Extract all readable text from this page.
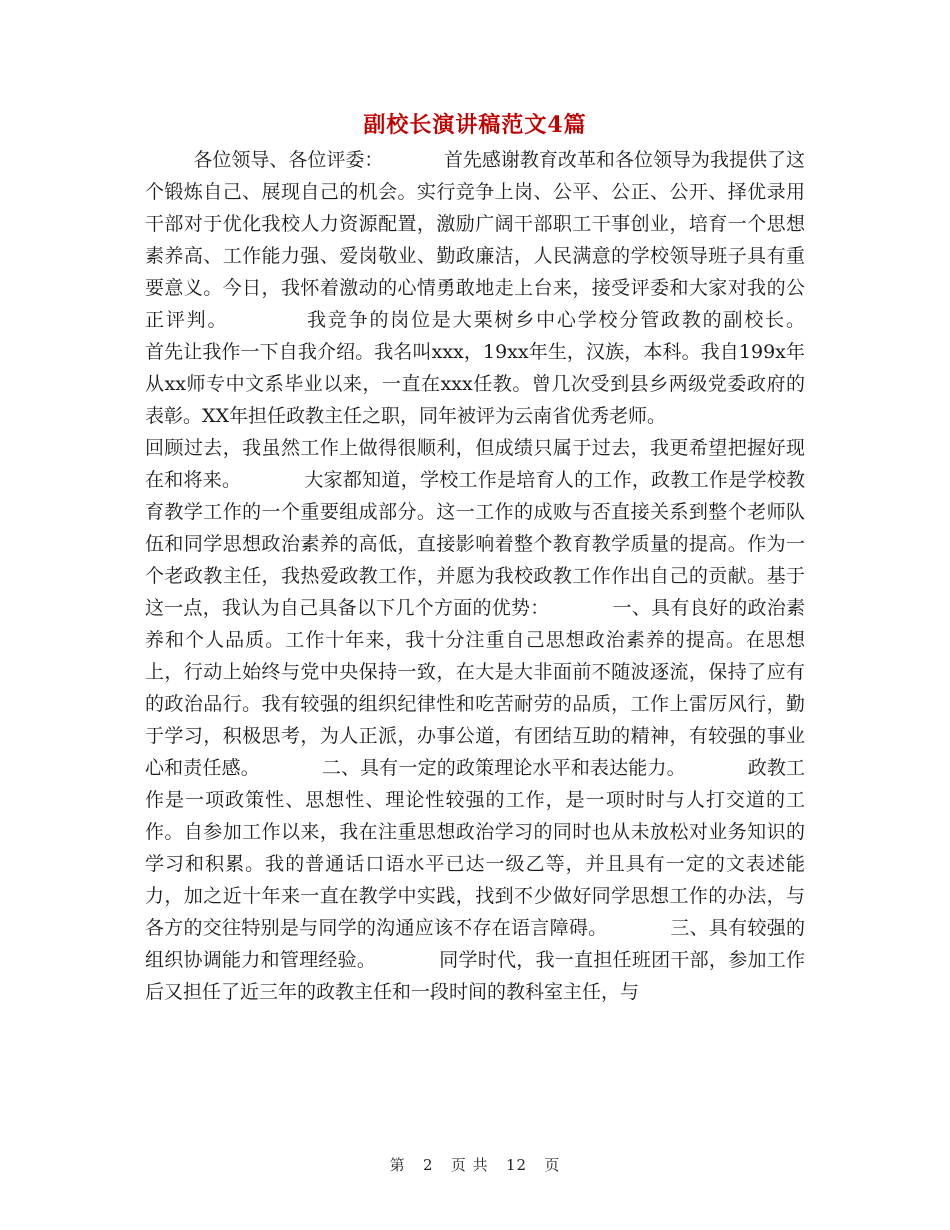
副校长演讲稿范文4篇

各位领导、各位评委：          首先感谢教育改革和各位领导为我提供了这个锻炼自己、展现自己的机会。实行竞争上岗、公平、公正、公开、择优录用干部对于优化我校人力资源配置，激励广阔干部职工干事创业，培育一个思想素养高、工作能力强、爱岗敬业、勤政廉洁，人民满意的学校领导班子具有重要意义。今日，我怀着激动的心情勇敢地走上台来，接受评委和大家对我的公正评判。          我竞争的岗位是大栗树乡中心学校分管政教的副校长。          首先让我作一下自我介绍。我名叫xxx，19xx年生，汉族，本科。我自199x年从xx师专中文系毕业以来，一直在xxx任教。曾几次受到县乡两级党委政府的表彰。XX年担任政教主任之职，同年被评为云南省优秀老师。
回顾过去，我虽然工作上做得很顺利，但成绩只属于过去，我更希望把握好现在和将来。          大家都知道，学校工作是培育人的工作，政教工作是学校教育教学工作的一个重要组成部分。这一工作的成败与否直接关系到整个老师队伍和同学思想政治素养的高低，直接影响着整个教育教学质量的提高。作为一个老政教主任，我热爱政教工作，并愿为我校政教工作作出自己的贡献。基于这一点，我认为自己具备以下几个方面的优势：          一、具有良好的政治素养和个人品质。工作十年来，我十分注重自己思想政治素养的提高。在思想上，行动上始终与党中央保持一致，在大是大非面前不随波逐流，保持了应有的政治品行。我有较强的组织纪律性和吃苦耐劳的品质，工作上雷厉风行，勤于学习，积极思考，为人正派，办事公道，有团结互助的精神，有较强的事业心和责任感。          二、具有一定的政策理论水平和表达能力。          政教工作是一项政策性、思想性、理论性较强的工作，是一项时时与人打交道的工作。自参加工作以来，我在注重思想政治学习的同时也从未放松对业务知识的学习和积累。我的普通话口语水平已达一级乙等，并且具有一定的文表述能力，加之近十年来一直在教学中实践，找到不少做好同学思想工作的办法，与各方的交往特别是与同学的沟通应该不存在语言障碍。          三、具有较强的组织协调能力和管理经验。          同学时代，我一直担任班团干部，参加工作后又担任了近三年的政教主任和一段时间的教科室主任，与

第 2 页 共 12 页
